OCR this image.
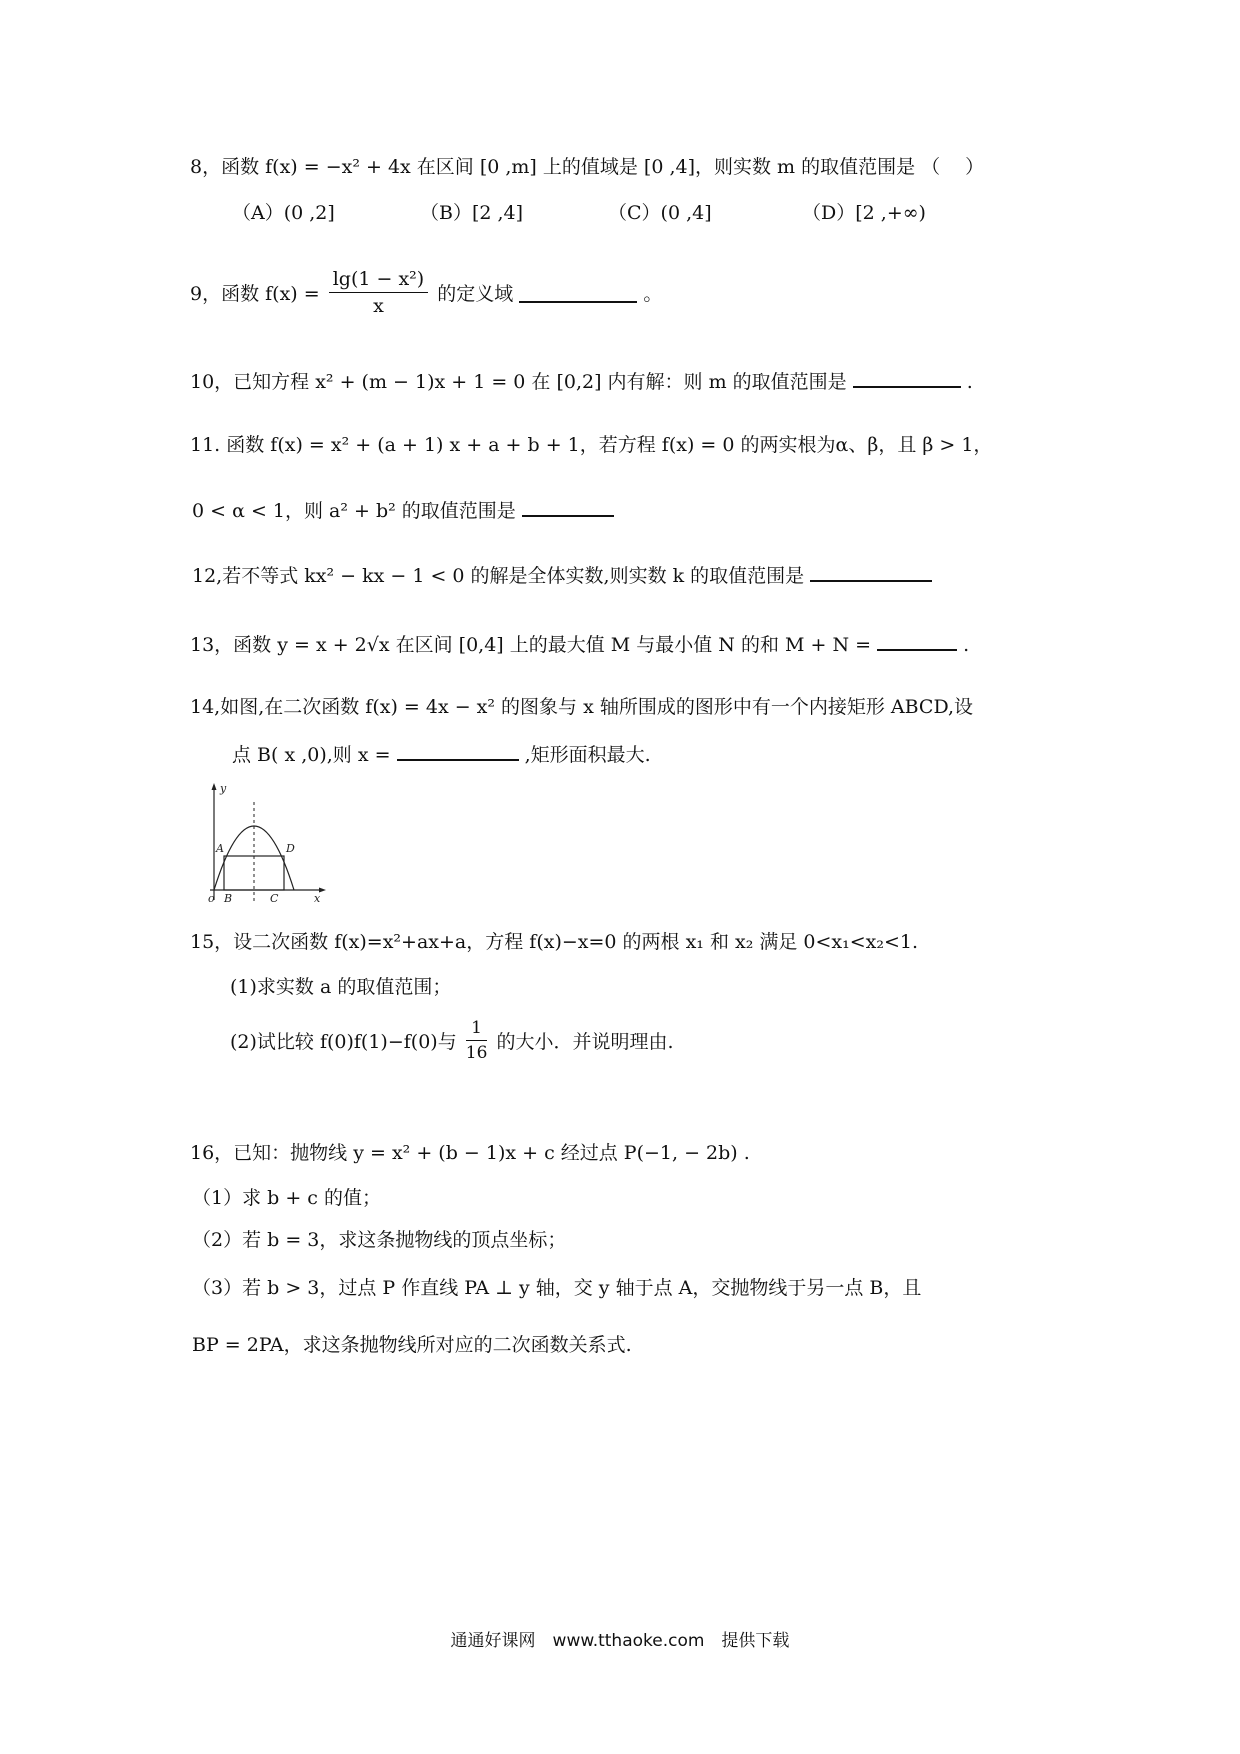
8，函数 f(x) = −x² + 4x 在区间 [0 ,m] 上的值域是 [0 ,4]，则实数 m 的取值范围是 （　 ）
（A）(0 ,2]	（B）[2 ,4]	（C）(0 ,4]	（D）[2 ,+∞)
9，函数 $f(x) = \frac{\text{lg(1 − x²)}}{x}$ 的定义域	。
10，已知方程 x² + (m − 1)x + 1 = 0 在 [0,2] 内有解：则 m 的取值范围是	.
11. 函数 f(x) = x² + (a + 1) x + a + b + 1，若方程 f(x) = 0 的两实根为α、β，且 β > 1，
0 < α < 1，则 a² + b² 的取值范围是
12,若不等式 kx² − kx − 1 < 0 的解是全体实数,则实数 k 的取值范围是
13，函数 y = x + 2√x 在区间 [0,4] 上的最大值 M 与最小值 N 的和 M + N =	.
14,如图,在二次函数 f(x) = 4x − x² 的图象与 x 轴所围成的图形中有一个内接矩形 ABCD,设
点 B( x ,0),则 x =	,矩形面积最大.
y
x
o
A
B	C
D
15，设二次函数 f(x)=x²+ax+a，方程 f(x)−x=0 的两根 x₁ 和 x₂ 满足 0<x₁<x₂<1.
(1)求实数 a 的取值范围；
(2)试比较 f(0)f(1)−f(0)与 $\frac{1}{16}$ 的大小．并说明理由.
16，已知：抛物线 y = x² + (b − 1)x + c 经过点 P(−1, − 2b) .
（1）求 b + c 的值；
（2）若 b = 3，求这条抛物线的顶点坐标；
（3）若 b > 3，过点 P 作直线 PA ⊥ y 轴，交 y 轴于点 A，交抛物线于另一点 B，且
BP = 2PA，求这条抛物线所对应的二次函数关系式.
通通好课网　www.tthaoke.com　提供下载
